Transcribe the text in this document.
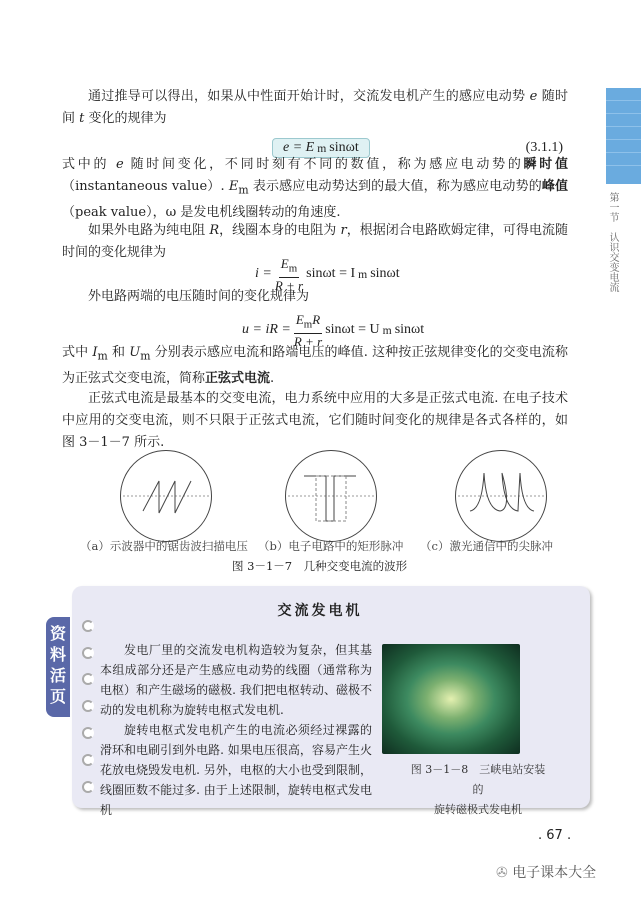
第一节　认识交变电流
通过推导可以得出，如果从中性面开始计时，交流发电机产生的感应电动势 e 随时间 t 变化的规律为
e = E m sinωt	(3.1.1)
式中的 e 随时间变化，不同时刻有不同的数值，称为感应电动势的瞬时值（instantaneous value）. $E_m$ 表示感应电动势达到的最大值，称为感应电动势的峰值（peak value），ω 是发电机线圈转动的角速度.
如果外电路为纯电阻 R，线圈本身的电阻为 r，根据闭合电路欧姆定律，可得电流随时间的变化规律为
$i = \frac{E_m}{R + r}$ sinωt = I m sinωt
外电路两端的电压随时间的变化规律为
u = iR = $\frac{E_mR}{R + r}$ sinωt = U m sinωt
式中 $I_m$ 和 $U_m$ 分别表示感应电流和路端电压的峰值. 这种按正弦规律变化的交变电流称为正弦式交变电流，简称正弦式电流.
正弦式电流是最基本的交变电流，电力系统中应用的大多是正弦式电流. 在电子技术中应用的交变电流，则不只限于正弦式电流，它们随时间变化的规律是各式各样的，如图 3－1－7 所示.
（a）示波器中的锯齿波扫描电压 （b）电子电路中的矩形脉冲 （c）激光通信中的尖脉冲
图 3－1－7　几种交变电流的波形
资料活页
交流发电机

发电厂里的交流发电机构造较为复杂，但其基本组成部分还是产生感应电动势的线圈（通常称为电枢）和产生磁场的磁极. 我们把电枢转动、磁极不动的发电机称为旋转电枢式发电机.

旋转电枢式发电机产生的电流必须经过裸露的滑环和电刷引到外电路. 如果电压很高，容易产生火花放电烧毁发电机. 另外，电枢的大小也受到限制，线圈匝数不能过多. 由于上述限制，旋转电枢式发电机

图 3－1－8　三峡电站安装的
旋转磁极式发电机
. 67 .
✇ 电子课本大全
